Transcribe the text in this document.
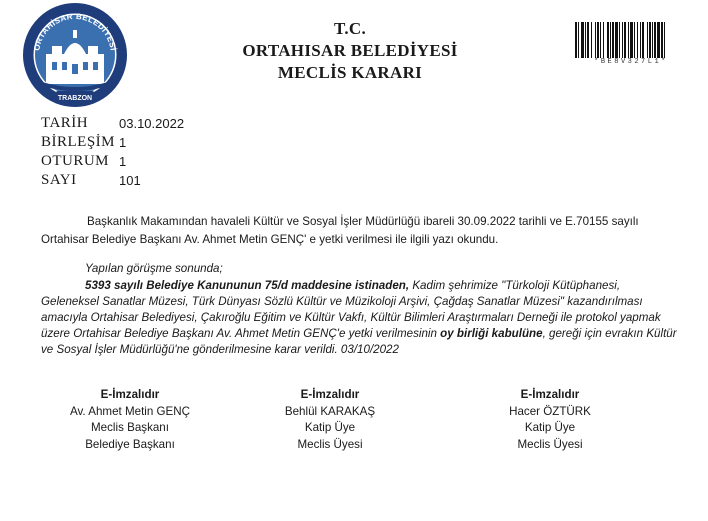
ORTAHİSAR BELEDİYESİ
TRABZON
T.C.
ORTAHISAR BELEDİYESİ
MECLİS KARARI
*BE8V327L1*
TARİH	03.10.2022
BİRLEŞİM 1
OTURUM 1
SAYI	101
Başkanlık Makamından havaleli Kültür ve Sosyal İşler Müdürlüğü ibareli 30.09.2022 tarihli ve E.70155 sayılı Ortahisar Belediye Başkanı Av. Ahmet Metin GENÇ' e yetki verilmesi ile ilgili yazı okundu.
Yapılan görüşme sonunda;
5393 sayılı Belediye Kanununun 75/d maddesine istinaden, Kadim şehrimize "Türkoloji Kütüphanesi, Geleneksel Sanatlar Müzesi, Türk Dünyası Sözlü Kültür ve Müzikoloji Arşivi, Çağdaş Sanatlar Müzesi" kazandırılması amacıyla Ortahisar Belediyesi, Çakıroğlu Eğitim ve Kültür Vakfı, Kültür Bilimleri Araştırmaları Derneği ile protokol yapmak üzere Ortahisar Belediye Başkanı Av. Ahmet Metin GENÇ'e yetki verilmesinin oy birliği kabulüne, gereği için evrakın Kültür ve Sosyal İşler Müdürlüğü'ne gönderilmesine karar verildi. 03/10/2022
E-İmzalıdır
Av. Ahmet Metin GENÇ
Meclis Başkanı
Belediye Başkanı
E-İmzalıdır
Behlül KARAKAŞ
Katip Üye
Meclis Üyesi
E-İmzalıdır
Hacer ÖZTÜRK
Katip Üye
Meclis Üyesi
